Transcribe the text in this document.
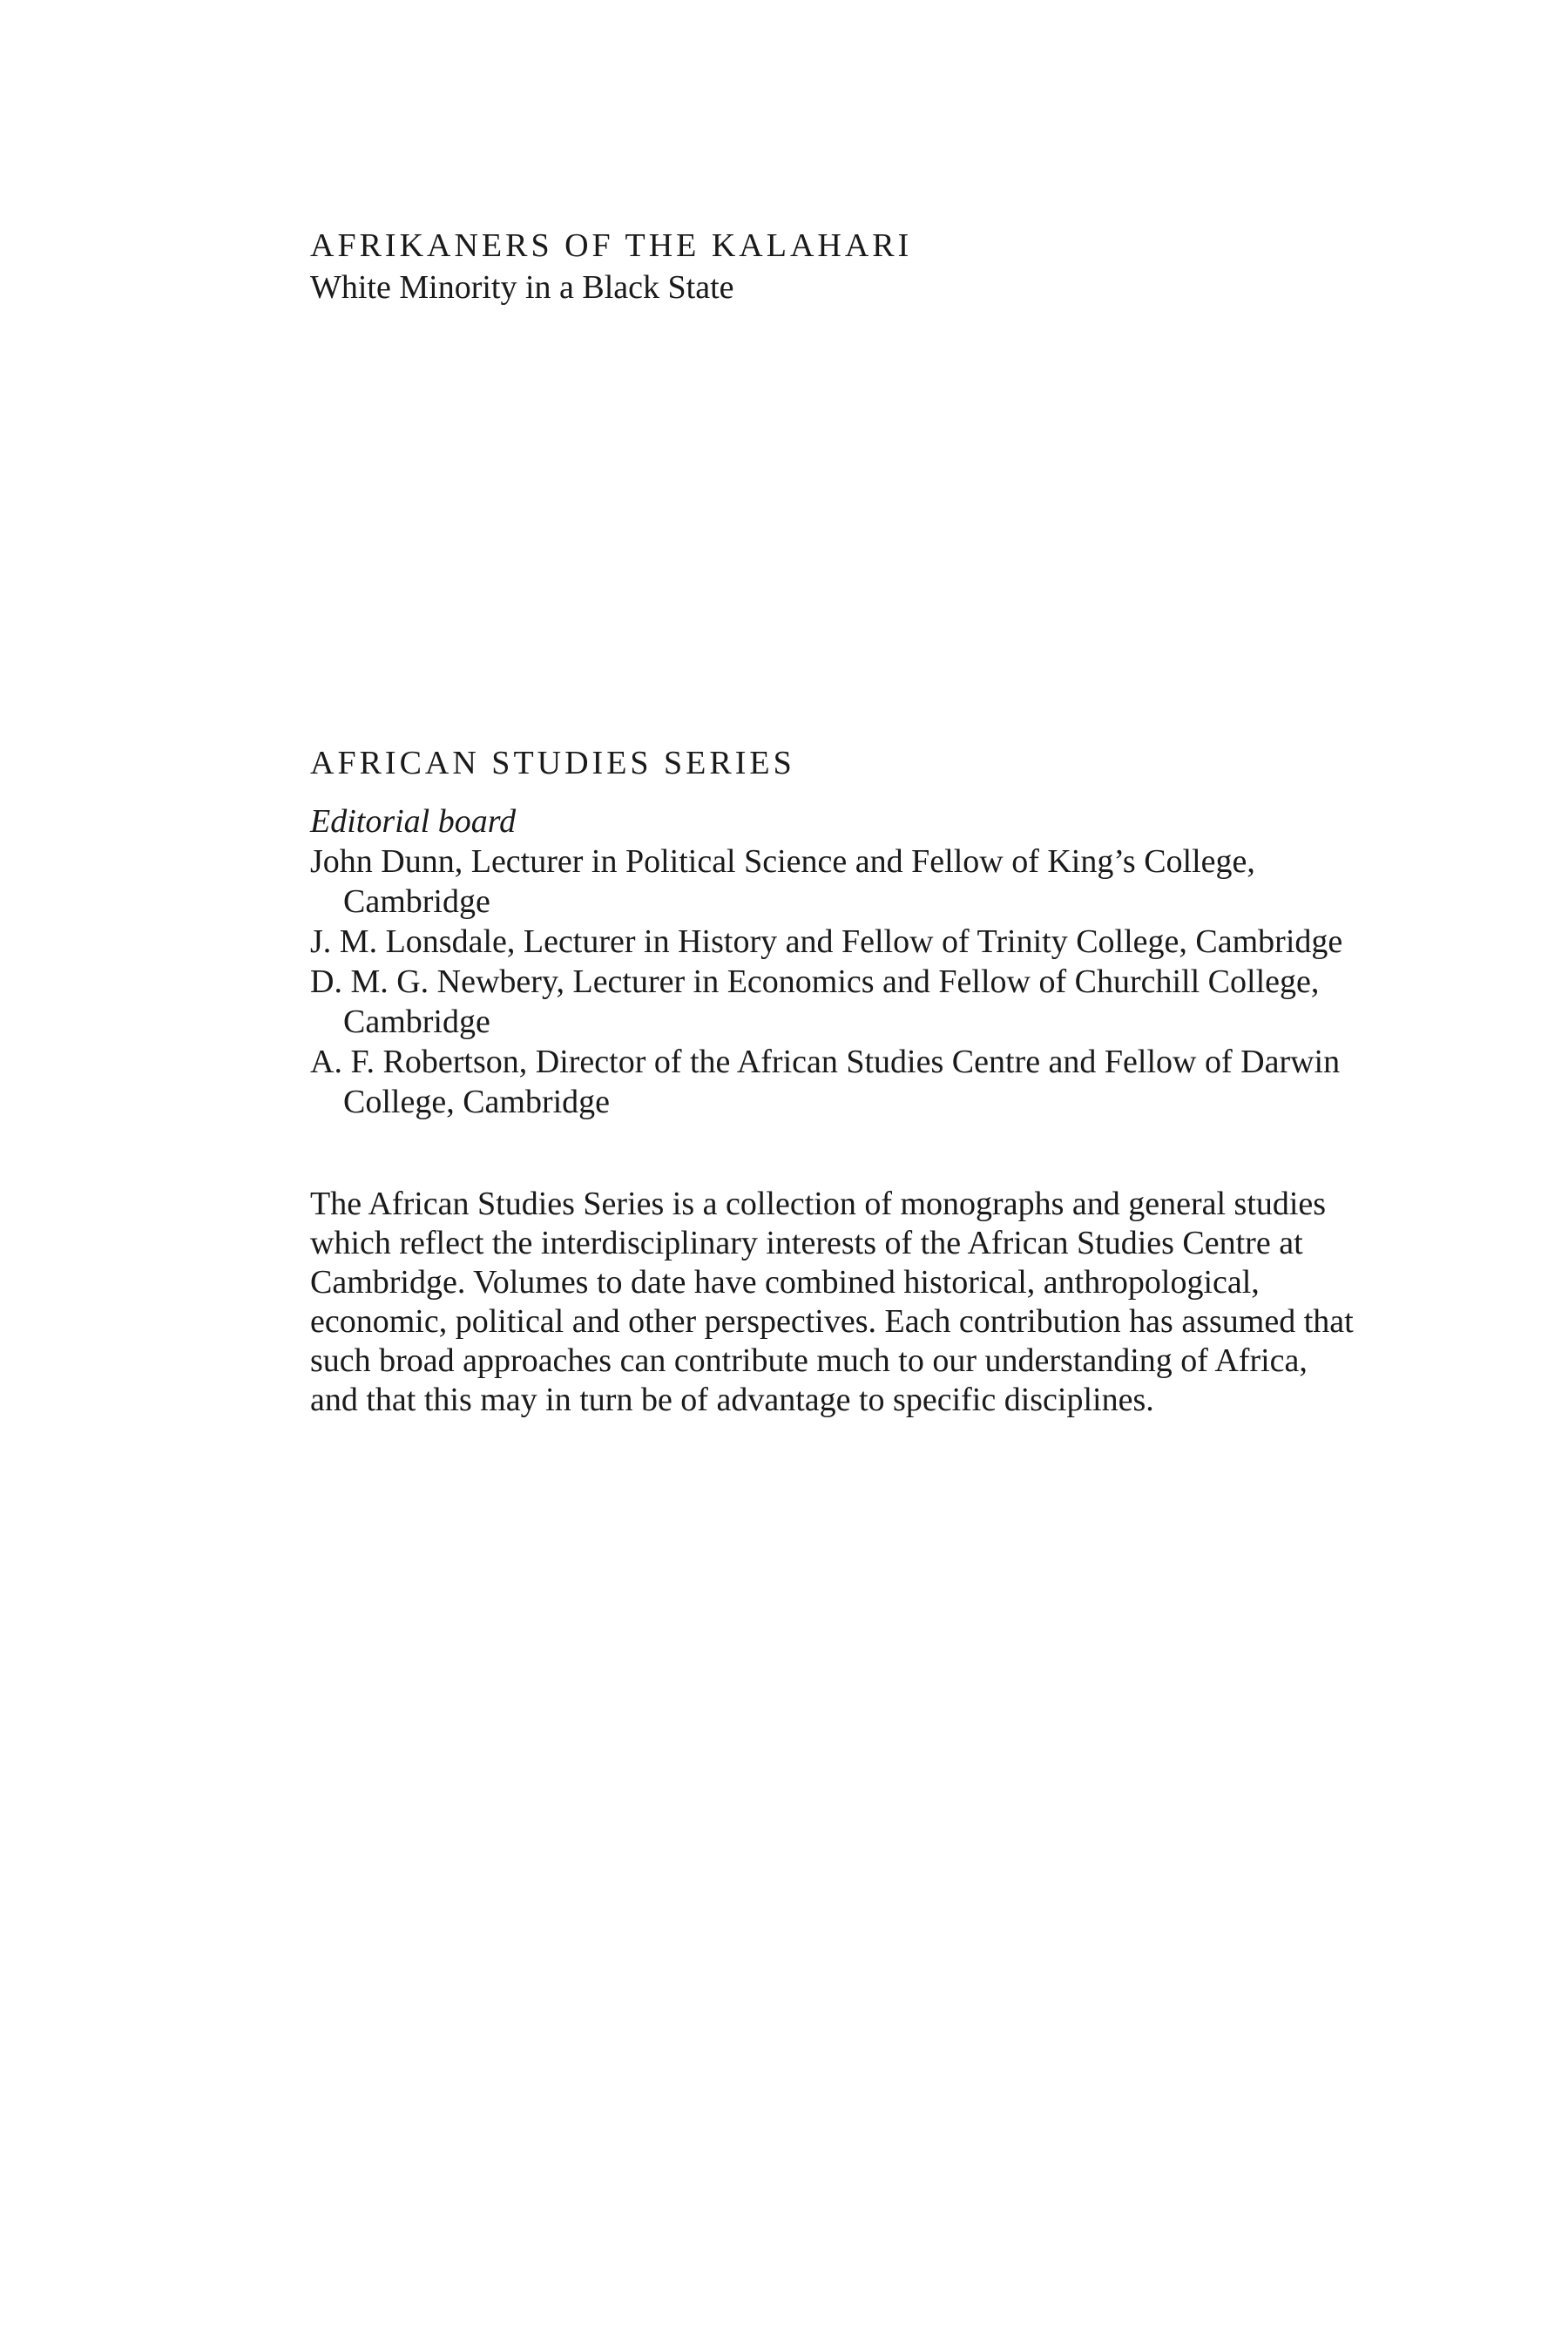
AFRIKANERS OF THE KALAHARI

White Minority in a Black State

AFRICAN STUDIES SERIES

Editorial board

John Dunn, Lecturer in Political Science and Fellow of King’s College, Cambridge
J. M. Lonsdale, Lecturer in History and Fellow of Trinity College, Cambridge
D. M. G. Newbery, Lecturer in Economics and Fellow of Churchill College, Cambridge
A. F. Robertson, Director of the African Studies Centre and Fellow of Darwin College, Cambridge

The African Studies Series is a collection of monographs and general studies which reflect the interdisciplinary interests of the African Studies Centre at Cambridge. Volumes to date have combined historical, anthropological, economic, political and other perspectives. Each contribution has assumed that such broad approaches can contribute much to our understanding of Africa, and that this may in turn be of advantage to specific disciplines.
